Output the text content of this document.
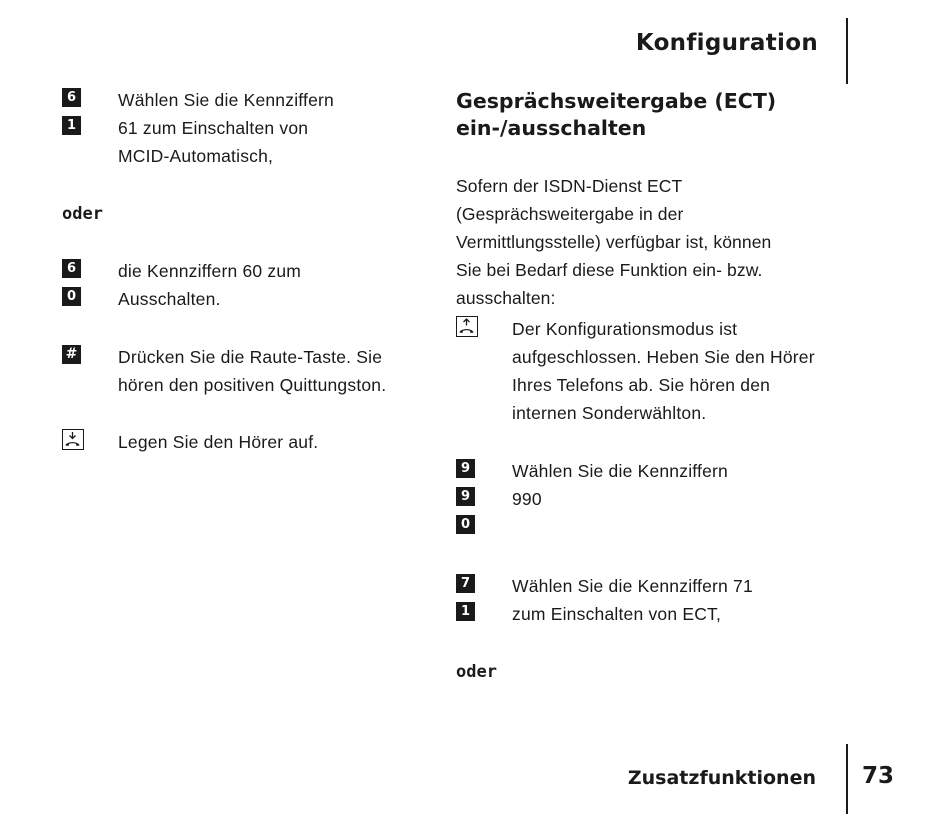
Konfiguration
6
1
Wählen Sie die Kennziffern 61 zum Einschalten von MCID-Automatisch,
oder
6
0
die Kennziffern 60 zum Ausschalten.
# Drücken Sie die Raute-Taste. Sie hören den positiven Quittungston.
Legen Sie den Hörer auf.
Gesprächsweitergabe (ECT)
ein-/ausschalten
Sofern der ISDN-Dienst ECT (Gesprächsweitergabe in der Vermittlungsstelle) verfügbar ist, können Sie bei Bedarf diese Funktion ein- bzw. ausschalten:
Der Konfigurationsmodus ist aufgeschlossen. Heben Sie den Hörer Ihres Telefons ab. Sie hören den internen Sonderwählton.
9
9
0
Wählen Sie die Kennziffern 990
7
1
Wählen Sie die Kennziffern 71 zum Einschalten von ECT,
oder
Zusatzfunktionen 73
